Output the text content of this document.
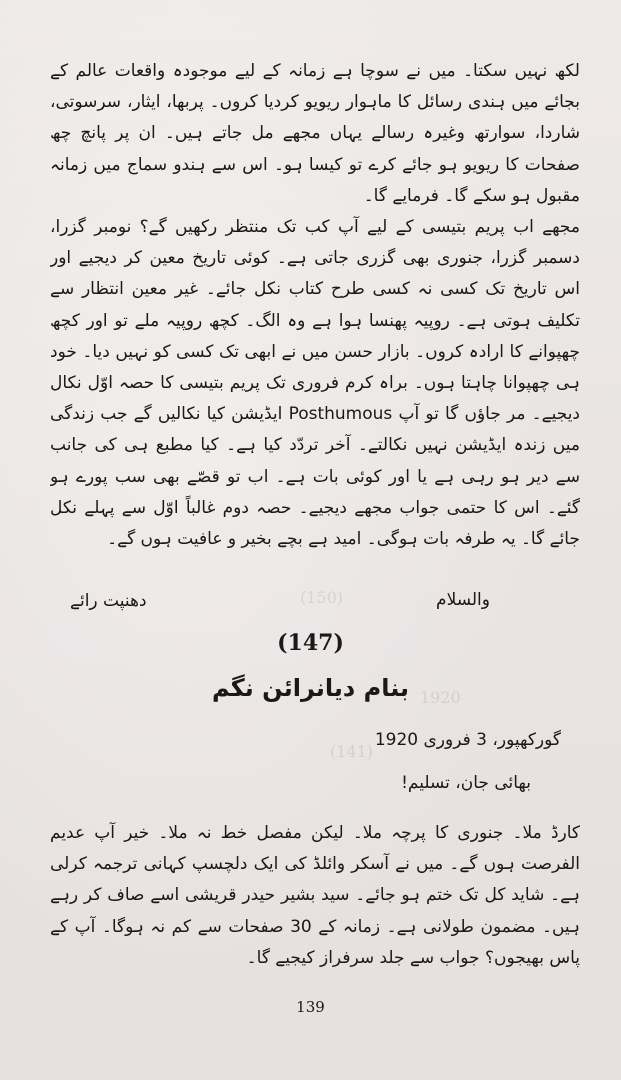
(150)
1920
(141)

لکھ نہیں سکتا۔ میں نے سوچا ہے زمانہ کے لیے موجودہ واقعات عالم کے بجائے میں ہندی رسائل کا ماہوار ریویو کردیا کروں۔ پربھا، ایثار، سرسوتی، شاردا، سوارتھ وغیرہ رسالے یہاں مجھے مل جاتے ہیں۔ ان پر پانچ چھ صفحات کا ریویو ہو جائے کرے تو کیسا ہو۔ اس سے ہندو سماج میں زمانہ مقبول ہو سکے گا۔ فرمایے گا۔

مجھے اب پریم بتیسی کے لیے آپ کب تک منتظر رکھیں گے؟ نومبر گزرا، دسمبر گزرا، جنوری بھی گزری جاتی ہے۔ کوئی تاریخ معین کر دیجیے اور اس تاریخ تک کسی نہ کسی طرح کتاب نکل جائے۔ غیر معین انتظار سے تکلیف ہوتی ہے۔ روپیہ پھنسا ہوا ہے وہ الگ۔ کچھ روپیہ ملے تو اور کچھ چھپوانے کا ارادہ کروں۔ بازار حسن میں نے ابھی تک کسی کو نہیں دیا۔ خود ہی چھپوانا چاہتا ہوں۔ براہ کرم فروری تک پریم بتیسی کا حصہ اوّل نکال دیجیے۔ مر جاؤں گا تو آپ Posthumous ایڈیشن کیا نکالیں گے جب زندگی میں زندہ ایڈیشن نہیں نکالتے۔ آخر تردّد کیا ہے۔ کیا مطبع ہی کی جانب سے دیر ہو رہی ہے یا اور کوئی بات ہے۔ اب تو قصّے بھی سب پورے ہو گئے۔ اس کا حتمی جواب مجھے دیجیے۔ حصہ دوم غالباً اوّل سے پہلے نکل جائے گا۔ یہ طرفہ بات ہوگی۔ امید ہے بچے بخیر و عافیت ہوں گے۔

والسلام
دھنپت رائے
(147)
بنام دیانرائن نگم
گورکھپور، 3 فروری 1920
بھائی جان، تسلیم!

کارڈ ملا۔ جنوری کا پرچہ ملا۔ لیکن مفصل خط نہ ملا۔ خیر آپ عدیم الفرصت ہوں گے۔ میں نے آسکر وائلڈ کی ایک دلچسپ کہانی ترجمہ کرلی ہے۔ شاید کل تک ختم ہو جائے۔ سید بشیر حیدر قریشی اسے صاف کر رہے ہیں۔ مضمون طولانی ہے۔ زمانہ کے 30 صفحات سے کم نہ ہوگا۔ آپ کے پاس بھیجوں؟ جواب سے جلد سرفراز کیجیے گا۔

139
